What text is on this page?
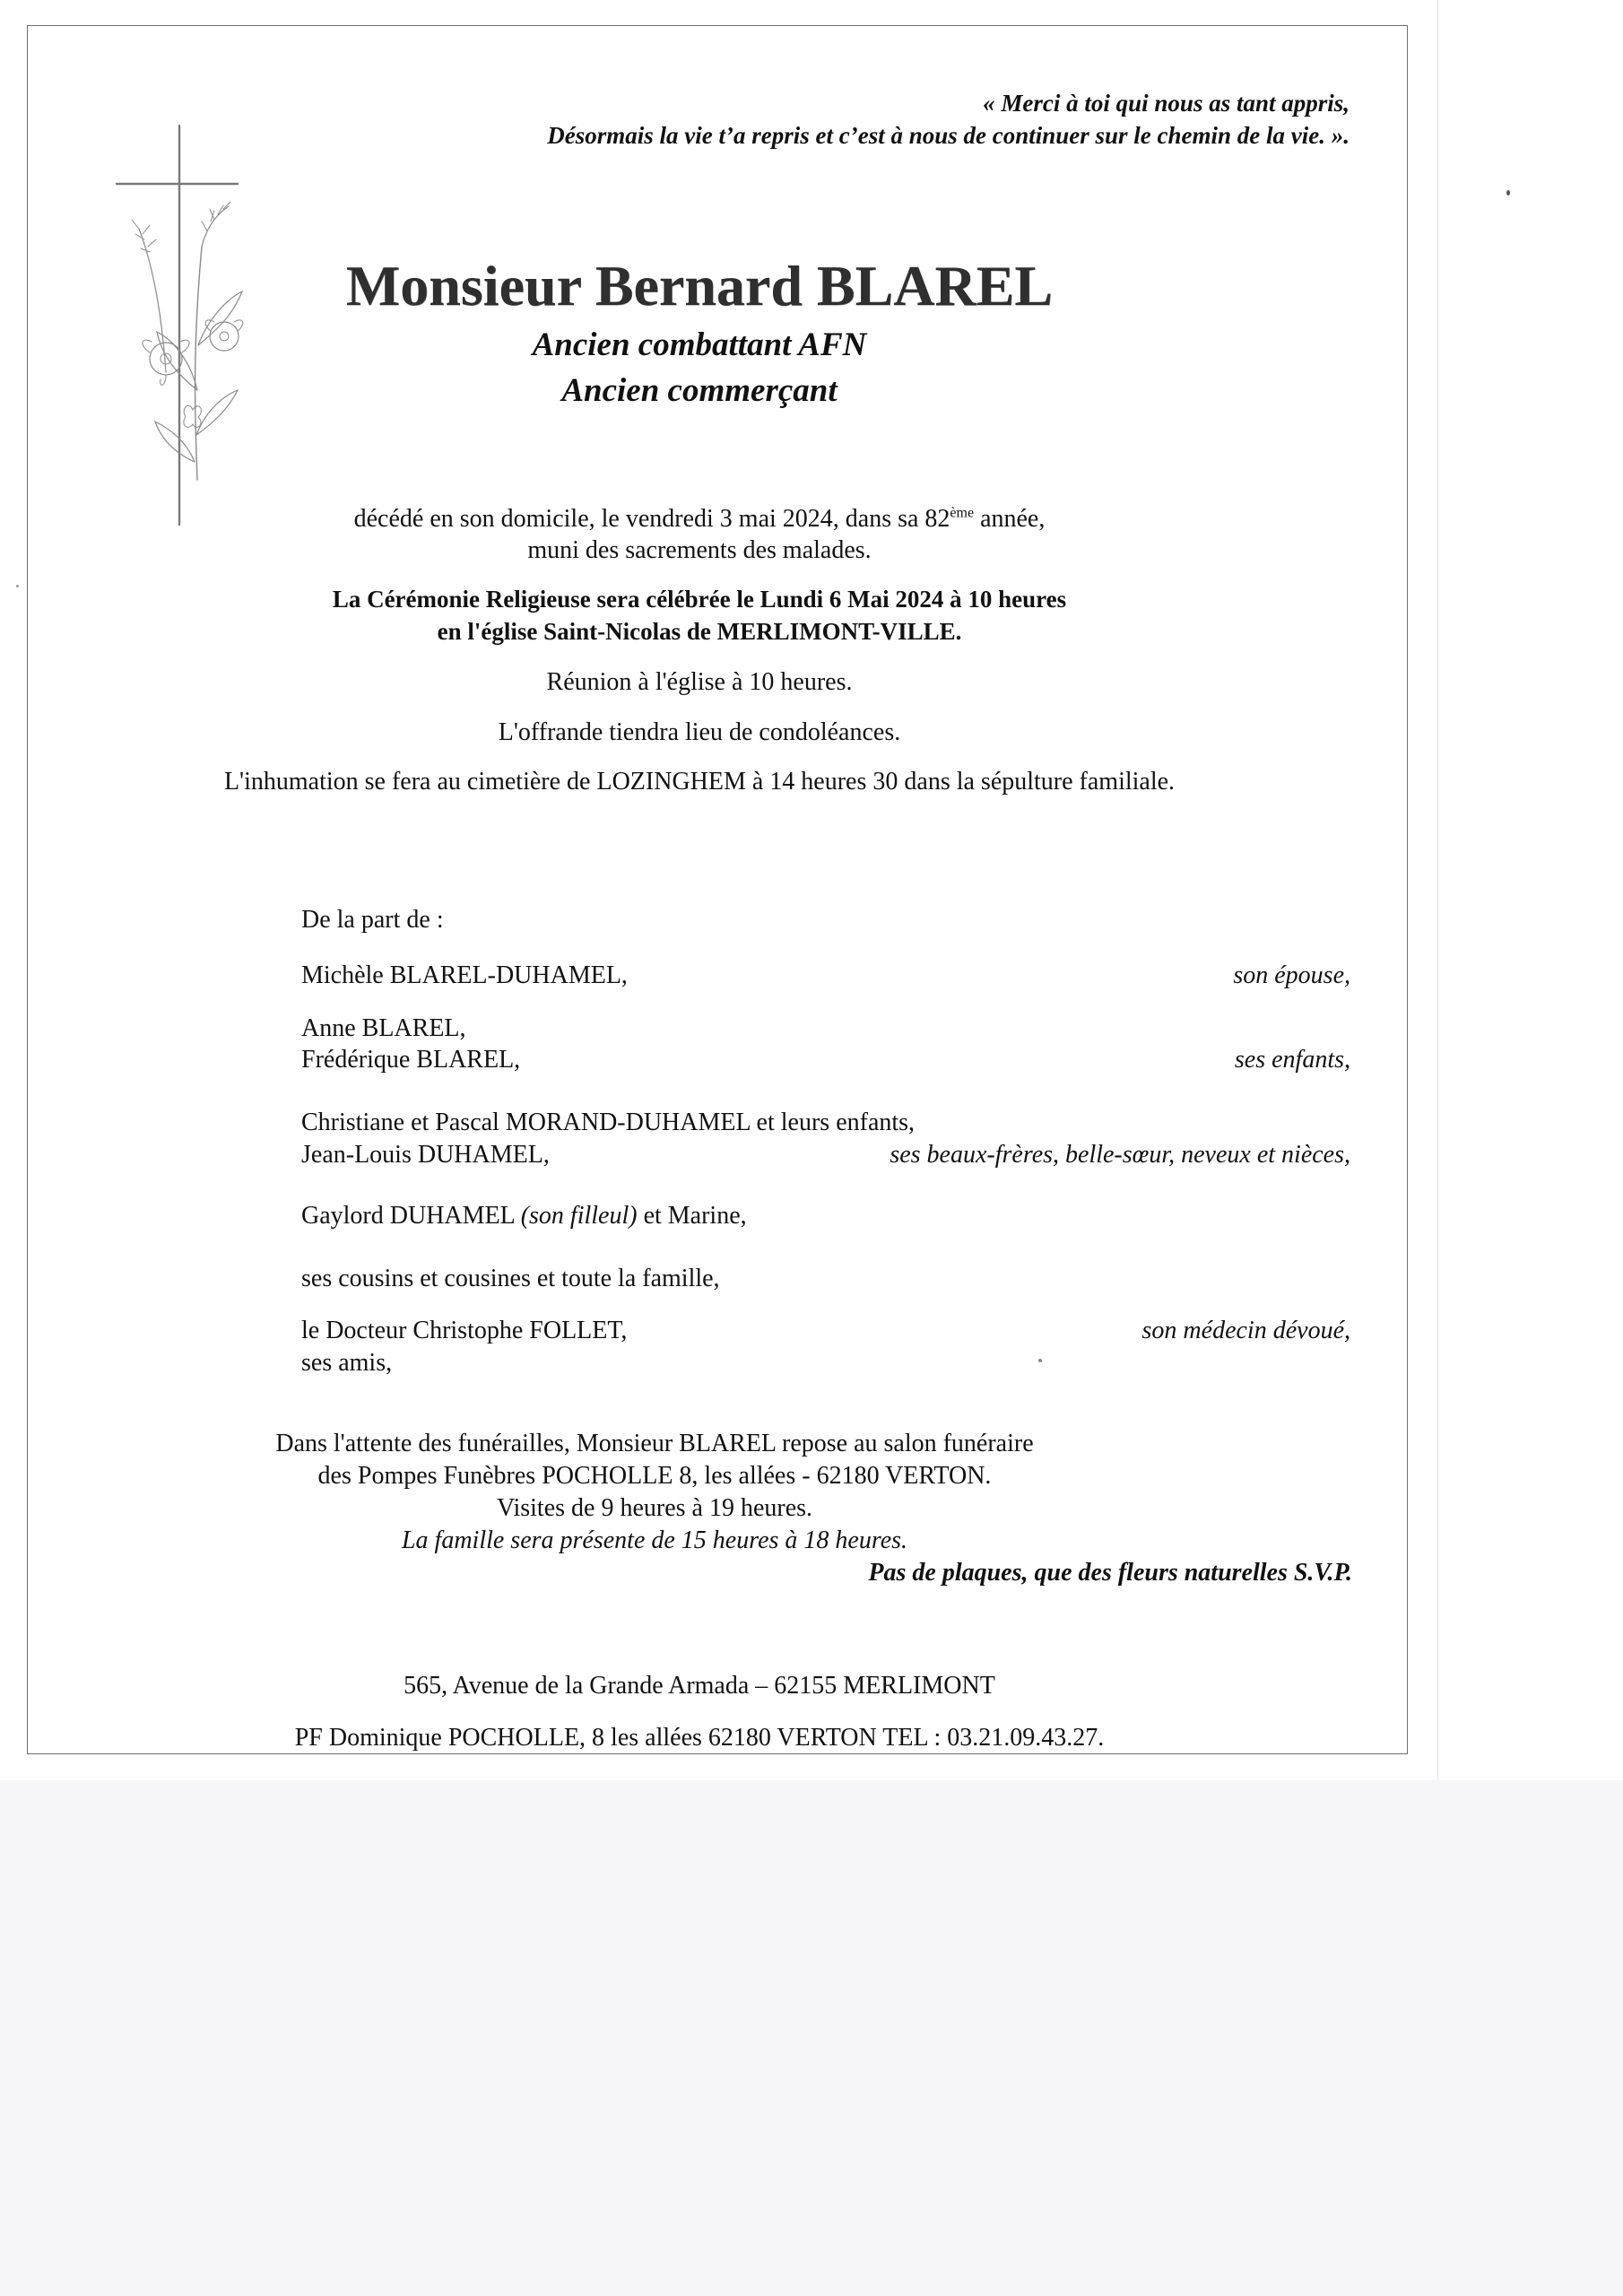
« Merci à toi qui nous as tant appris,
Désormais la vie t’a repris et c’est à nous de continuer sur le chemin de la vie. ».
Monsieur Bernard BLAREL
Ancien combattant AFN
Ancien commerçant
décédé en son domicile, le vendredi 3 mai 2024, dans sa 82ème année,
muni des sacrements des malades.
La Cérémonie Religieuse sera célébrée le Lundi 6 Mai 2024 à 10 heures
en l'église Saint-Nicolas de MERLIMONT-VILLE.
Réunion à l'église à 10 heures.
L'offrande tiendra lieu de condoléances.
L'inhumation se fera au cimetière de LOZINGHEM à 14 heures 30 dans la sépulture familiale.
De la part de :
Michèle BLAREL-DUHAMEL,	son épouse,
Anne BLAREL,
Frédérique BLAREL,	ses enfants,
Christiane et Pascal MORAND-DUHAMEL et leurs enfants,
Jean-Louis DUHAMEL,	ses beaux-frères, belle-sœur, neveux et nièces,
Gaylord DUHAMEL (son filleul) et Marine,
ses cousins et cousines et toute la famille,
le Docteur Christophe FOLLET,	son médecin dévoué,
ses amis,
Dans l'attente des funérailles, Monsieur BLAREL repose au salon funéraire
des Pompes Funèbres POCHOLLE 8, les allées - 62180 VERTON.
Visites de 9 heures à 19 heures.
La famille sera présente de 15 heures à 18 heures.
Pas de plaques, que des fleurs naturelles S.V.P.
565, Avenue de la Grande Armada – 62155 MERLIMONT
PF Dominique POCHOLLE, 8 les allées 62180 VERTON TEL : 03.21.09.43.27.
